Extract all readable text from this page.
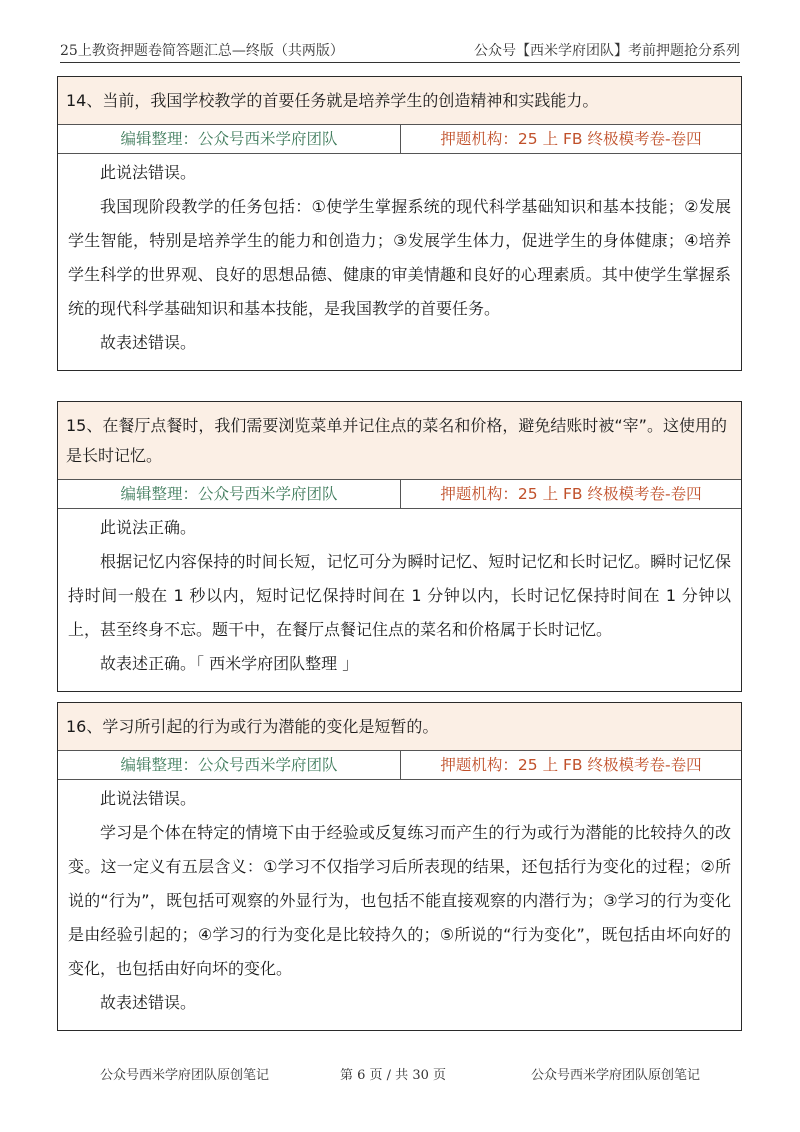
25上教资押题卷简答题汇总—终版（共两版）	公众号【西米学府团队】考前押题抢分系列
14、当前，我国学校教学的首要任务就是培养学生的创造精神和实践能力。
编辑整理：公众号西米学府团队	押题机构：25 上 FB 终极模考卷-卷四

此说法错误。

我国现阶段教学的任务包括：①使学生掌握系统的现代科学基础知识和基本技能；②发展学生智能，特别是培养学生的能力和创造力；③发展学生体力，促进学生的身体健康；④培养学生科学的世界观、良好的思想品德、健康的审美情趣和良好的心理素质。其中使学生掌握系统的现代科学基础知识和基本技能，是我国教学的首要任务。

故表述错误。

15、在餐厅点餐时，我们需要浏览菜单并记住点的菜名和价格，避免结账时被“宰”。这使用的是长时记忆。
编辑整理：公众号西米学府团队	押题机构：25 上 FB 终极模考卷-卷四

此说法正确。

根据记忆内容保持的时间长短，记忆可分为瞬时记忆、短时记忆和长时记忆。瞬时记忆保持时间一般在 1 秒以内，短时记忆保持时间在 1 分钟以内，长时记忆保持时间在 1 分钟以上，甚至终身不忘。题干中，在餐厅点餐记住点的菜名和价格属于长时记忆。

故表述正确。「 西米学府团队整理 」

16、学习所引起的行为或行为潜能的变化是短暂的。
编辑整理：公众号西米学府团队	押题机构：25 上 FB 终极模考卷-卷四

此说法错误。

学习是个体在特定的情境下由于经验或反复练习而产生的行为或行为潜能的比较持久的改变。这一定义有五层含义：①学习不仅指学习后所表现的结果，还包括行为变化的过程；②所说的“行为”，既包括可观察的外显行为，也包括不能直接观察的内潜行为；③学习的行为变化是由经验引起的；④学习的行为变化是比较持久的；⑤所说的“行为变化”，既包括由坏向好的变化，也包括由好向坏的变化。

故表述错误。

公众号西米学府团队原创笔记	第 6 页 / 共 30 页	公众号西米学府团队原创笔记
